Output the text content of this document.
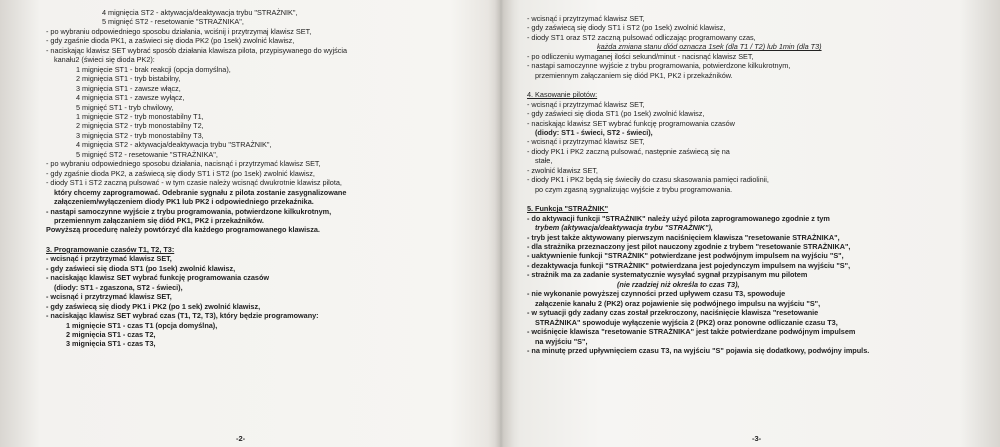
4 mignięcia ST2 - aktywacja/deaktywacja trybu "STRAŻNIK",
5 mignięć ST2 - resetowanie "STRAŻNIKA",
- po wybraniu odpowiedniego sposobu działania, wciśnij i przytrzymaj klawisz SET,
- gdy zgaśnie dioda PK1, a zaświeci się dioda PK2 (po 1sek) zwolnić klawisz,
- naciskając klawisz SET wybrać sposób działania klawisza pilota, przypisywanego do wyjścia
kanału2 (świeci się dioda PK2):
1 mignięcie ST1 - brak reakcji (opcja domyślna),
2 mignięcia ST1 - tryb bistabilny,
3 mignięcia ST1 - zawsze włącz,
4 mignięcia ST1 - zawsze wyłącz,
5 mignięć ST1 - tryb chwilowy,
1 mignięcie ST2 - tryb monostabilny T1,
2 mignięcia ST2 - tryb monostabilny T2,
3 mignięcia ST2 - tryb monostabilny T3,
4 mignięcia ST2 - aktywacja/deaktywacja trybu "STRAŻNIK",
5 mignięć ST2 - resetowanie "STRAŻNIKA",
- po wybraniu odpowiedniego sposobu działania, nacisnąć i przytrzymać klawisz SET,
- gdy zgaśnie dioda PK2, a zaświecą się diody ST1 i ST2 (po 1sek) zwolnić klawisz,
- diody ST1 i ST2 zaczną pulsować - w tym czasie należy wcisnąć dwukrotnie klawisz pilota,
który chcemy zaprogramować. Odebranie sygnału z pilota zostanie zasygnalizowane
załączeniem/wyłączeniem diody PK1 lub PK2 i odpowiedniego przekaźnika.
- nastąpi samoczynne wyjście z trybu programowania, potwierdzone kilkukrotnym,
przemiennym załączaniem się diód PK1, PK2 i przekaźników.
Powyższą procedurę należy powtórzyć dla każdego programowanego klawisza.
3. Programowanie czasów T1, T2, T3:
- wcisnąć i przytrzymać klawisz SET,
- gdy zaświeci się dioda ST1 (po 1sek) zwolnić klawisz,
- naciskając klawisz SET wybrać funkcję programowania czasów
(diody: ST1 - zgaszona, ST2 - świeci),
- wcisnąć i przytrzymać klawisz SET,
- gdy zaświecą się diody PK1 i PK2 (po 1 sek) zwolnić klawisz,
- naciskając klawisz SET wybrać czas (T1, T2, T3), który będzie programowany:
1 mignięcie ST1 - czas T1 (opcja domyślna),
2 mignięcia ST1 - czas T2,
3 mignięcia ST1 - czas T3,
-2-
- wcisnąć i przytrzymać klawisz SET,
- gdy zaświecą się diody ST1 i ST2 (po 1sek) zwolnić klawisz,
- diody ST1 oraz ST2 zaczną pulsować odliczając programowany czas,
każda zmiana stanu diód oznacza 1sek (dla T1 / T2) lub 1min (dla T3)
- po odliczeniu wymaganej ilości sekund/minut - nacisnąć klawisz SET,
- nastąpi samoczynne wyjście z trybu programowania, potwierdzone kilkukrotnym,
przemiennym załączaniem się diód PK1, PK2 i przekaźników.
4. Kasowanie pilotów:
- wcisnąć i przytrzymać klawisz SET,
- gdy zaświeci się dioda ST1 (po 1sek) zwolnić klawisz,
- naciskając klawisz SET wybrać funkcję programowania czasów
(diody: ST1 - świeci, ST2 - świeci),
- wcisnąć i przytrzymać klawisz SET,
- diody PK1 i PK2 zaczną pulsować, następnie zaświecą się na
stałe,
- zwolnić klawisz SET,
- diody PK1 i PK2 będą się świeciły do czasu skasowania pamięci radiolinii,
po czym zgasną sygnalizując wyjście z trybu programowania.
5. Funkcja "STRAŻNIK"
- do aktywacji funkcji "STRAŻNIK" należy użyć pilota zaprogramowanego zgodnie z tym
trybem (aktywacja/deaktywacja trybu "STRAŻNIK"),
- tryb jest także aktywowany pierwszym naciśnięciem klawisza "resetowanie STRAŻNIKA",
- dla strażnika przeznaczony jest pilot nauczony zgodnie z trybem "resetowanie STRAŻNIKA",
- uaktywnienie funkcji "STRAŻNIK" potwierdzane jest podwójnym impulsem na wyjściu "S",
- dezaktywacja funkcji "STRAŻNIK" potwierdzana jest pojedynczym impulsem na wyjściu "S",
- strażnik ma za zadanie systematycznie wysyłać sygnał przypisanym mu pilotem
(nie rzadziej niż określa to czas T3),
- nie wykonanie powyższej czynności przed upływem czasu T3, spowoduje
załączenie kanału 2 (PK2) oraz pojawienie się podwójnego impulsu na wyjściu "S",
- w sytuacji gdy zadany czas został przekroczony, naciśnięcie klawisza "resetowanie
STRAŻNIKA" spowoduje wyłączenie wyjścia 2 (PK2) oraz ponowne odliczanie czasu T3,
- wciśnięcie klawisza "resetowanie STRAŻNIKA" jest także potwierdzane podwójnym impulsem
na wyjściu "S",
- na minutę przed upływnięciem czasu T3, na wyjściu "S" pojawia się dodatkowy, podwójny impuls.
-3-
